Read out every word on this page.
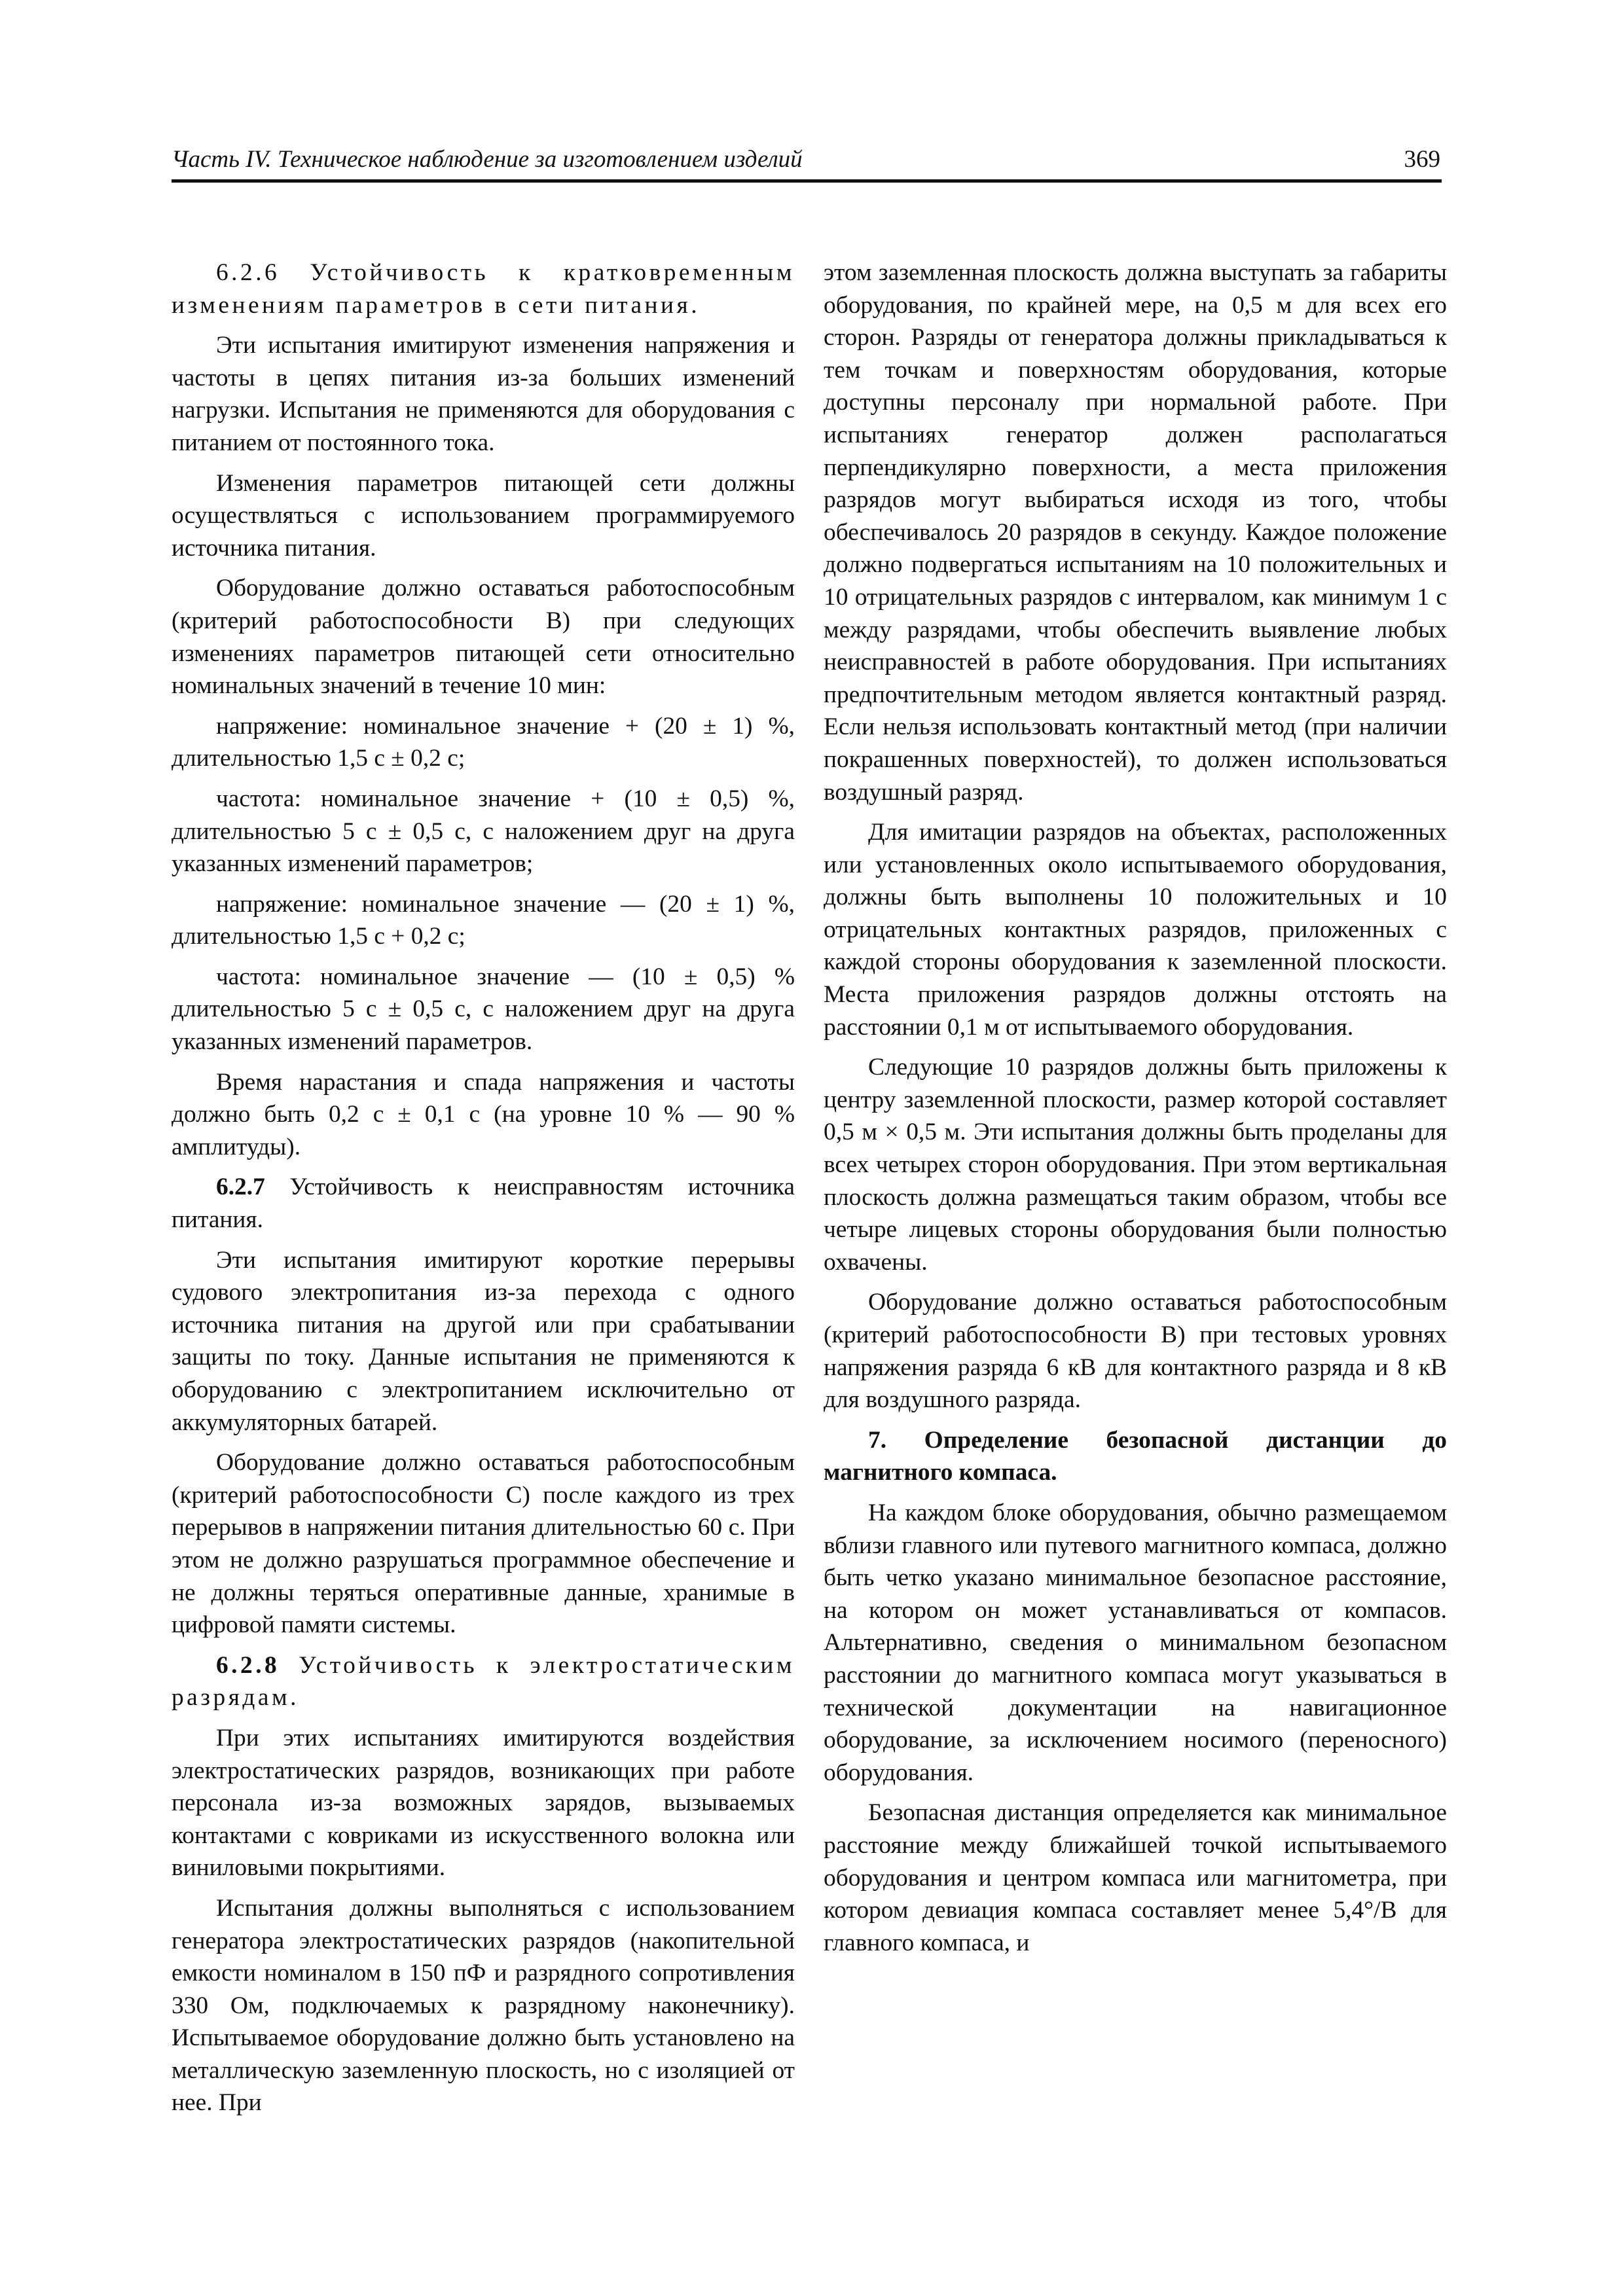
Часть IV. Техническое наблюдение за изготовлением изделий	369

6.2.6 Устойчивость к кратковременным изменениям параметров в сети питания.

Эти испытания имитируют изменения напряжения и частоты в цепях питания из-за больших изменений нагрузки. Испытания не применяются для оборудования с питанием от постоянного тока.

Изменения параметров питающей сети должны осуществляться с использованием программируемого источника питания.

Оборудование должно оставаться работоспособным (критерий работоспособности В) при следующих изменениях параметров питающей сети относительно номинальных значений в течение 10 мин:

напряжение: номинальное значение + (20 ± 1) %, длительностью 1,5 с ± 0,2 с;

частота: номинальное значение + (10 ± 0,5) %, длительностью 5 с ± 0,5 с, с наложением друг на друга указанных изменений параметров;

напряжение: номинальное значение — (20 ± 1) %, длительностью 1,5 с + 0,2 с;

частота: номинальное значение — (10 ± 0,5) % длительностью 5 с ± 0,5 с, с наложением друг на друга указанных изменений параметров.

Время нарастания и спада напряжения и частоты должно быть 0,2 с ± 0,1 с (на уровне 10 % — 90 % амплитуды).

6.2.7 Устойчивость к неисправностям источника питания.

Эти испытания имитируют короткие перерывы судового электропитания из-за перехода с одного источника питания на другой или при срабатывании защиты по току. Данные испытания не применяются к оборудованию с электропитанием исключительно от аккумуляторных батарей.

Оборудование должно оставаться работоспособным (критерий работоспособности С) после каждого из трех перерывов в напряжении питания длительностью 60 с. При этом не должно разрушаться программное обеспечение и не должны теряться оперативные данные, хранимые в цифровой памяти системы.

6.2.8 Устойчивость к электростатическим разрядам.

При этих испытаниях имитируются воздействия электростатических разрядов, возникающих при работе персонала из-за возможных зарядов, вызываемых контактами с ковриками из искусственного волокна или виниловыми покрытиями.

Испытания должны выполняться с использованием генератора электростатических разрядов (накопительной емкости номиналом в 150 пФ и разрядного сопротивления 330 Ом, подключаемых к разрядному наконечнику). Испытываемое оборудование должно быть установлено на металлическую заземленную плоскость, но с изоляцией от нее. При

этом заземленная плоскость должна выступать за габариты оборудования, по крайней мере, на 0,5 м для всех его сторон. Разряды от генератора должны прикладываться к тем точкам и поверхностям оборудования, которые доступны персоналу при нормальной работе. При испытаниях генератор должен располагаться перпендикулярно поверхности, а места приложения разрядов могут выбираться исходя из того, чтобы обеспечивалось 20 разрядов в секунду. Каждое положение должно подвергаться испытаниям на 10 положительных и 10 отрицательных разрядов с интервалом, как минимум 1 с между разрядами, чтобы обеспечить выявление любых неисправностей в работе оборудования. При испытаниях предпочтительным методом является контактный разряд. Если нельзя использовать контактный метод (при наличии покрашенных поверхностей), то должен использоваться воздушный разряд.

Для имитации разрядов на объектах, расположенных или установленных около испытываемого оборудования, должны быть выполнены 10 положительных и 10 отрицательных контактных разрядов, приложенных с каждой стороны оборудования к заземленной плоскости. Места приложения разрядов должны отстоять на расстоянии 0,1 м от испытываемого оборудования.

Следующие 10 разрядов должны быть приложены к центру заземленной плоскости, размер которой составляет 0,5 м × 0,5 м. Эти испытания должны быть проделаны для всех четырех сторон оборудования. При этом вертикальная плоскость должна размещаться таким образом, чтобы все четыре лицевых стороны оборудования были полностью охвачены.

Оборудование должно оставаться работоспособным (критерий работоспособности В) при тестовых уровнях напряжения разряда 6 кВ для контактного разряда и 8 кВ для воздушного разряда.

7. Определение безопасной дистанции до магнитного компаса.

На каждом блоке оборудования, обычно размещаемом вблизи главного или путевого магнитного компаса, должно быть четко указано минимальное безопасное расстояние, на котором он может устанавливаться от компасов. Альтернативно, сведения о минимальном безопасном расстоянии до магнитного компаса могут указываться в технической документации на навигационное оборудование, за исключением носимого (переносного) оборудования.

Безопасная дистанция определяется как минимальное расстояние между ближайшей точкой испытываемого оборудования и центром компаса или магнитометра, при котором девиация компаса составляет менее 5,4°/B для главного компаса, и
